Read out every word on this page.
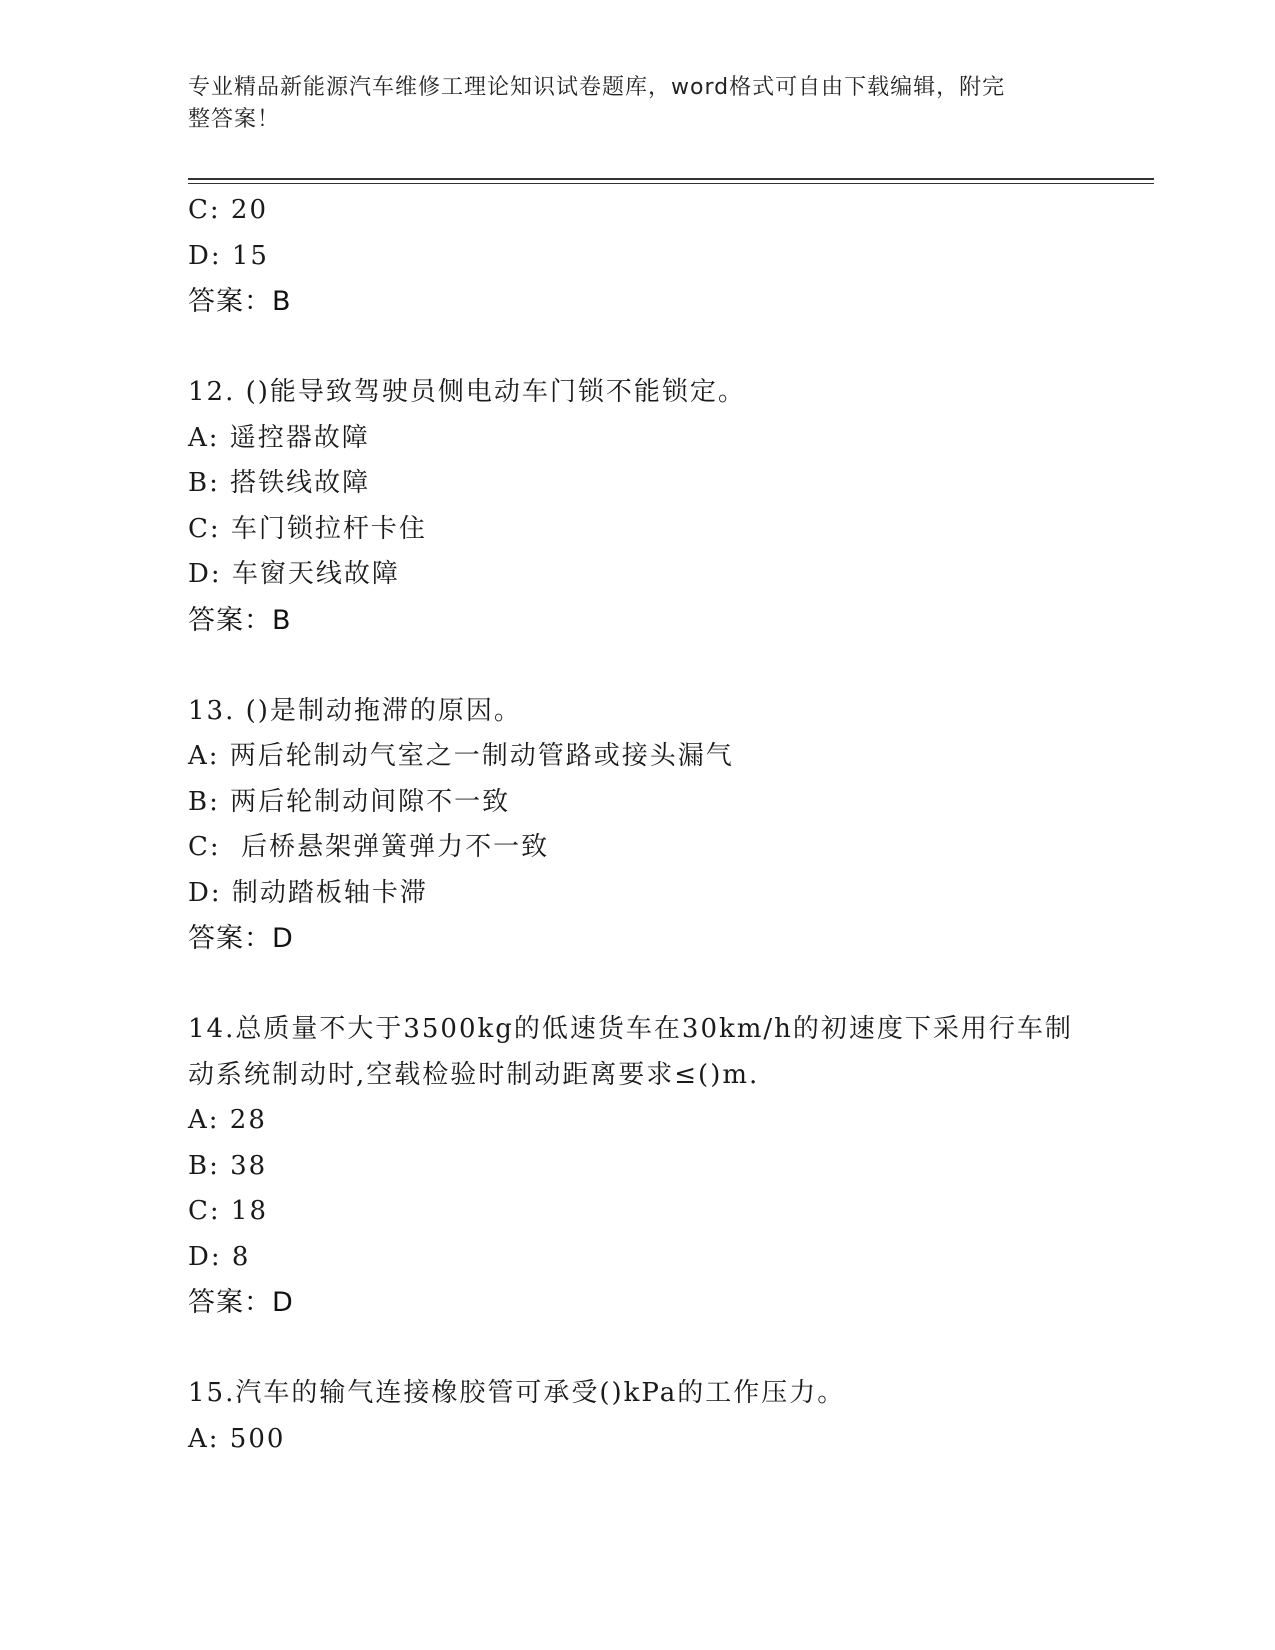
专业精品新能源汽车维修工理论知识试卷题库，word格式可自由下载编辑，附完
整答案！
C: 20
D: 15
答案：B
12. ()能导致驾驶员侧电动车门锁不能锁定。
A: 遥控器故障
B: 搭铁线故障
C: 车门锁拉杆卡住
D: 车窗天线故障
答案：B
13. ()是制动拖滞的原因。
A: 两后轮制动气室之一制动管路或接头漏气
B: 两后轮制动间隙不一致
C:  后桥悬架弹簧弹力不一致
D: 制动踏板轴卡滞
答案：D
14.总质量不大于3500kg的低速货车在30km/h的初速度下采用行车制
动系统制动时,空载检验时制动距离要求≤()m.
A: 28
B: 38
C: 18
D: 8
答案：D
15.汽车的输气连接橡胶管可承受()kPa的工作压力。
A: 500
